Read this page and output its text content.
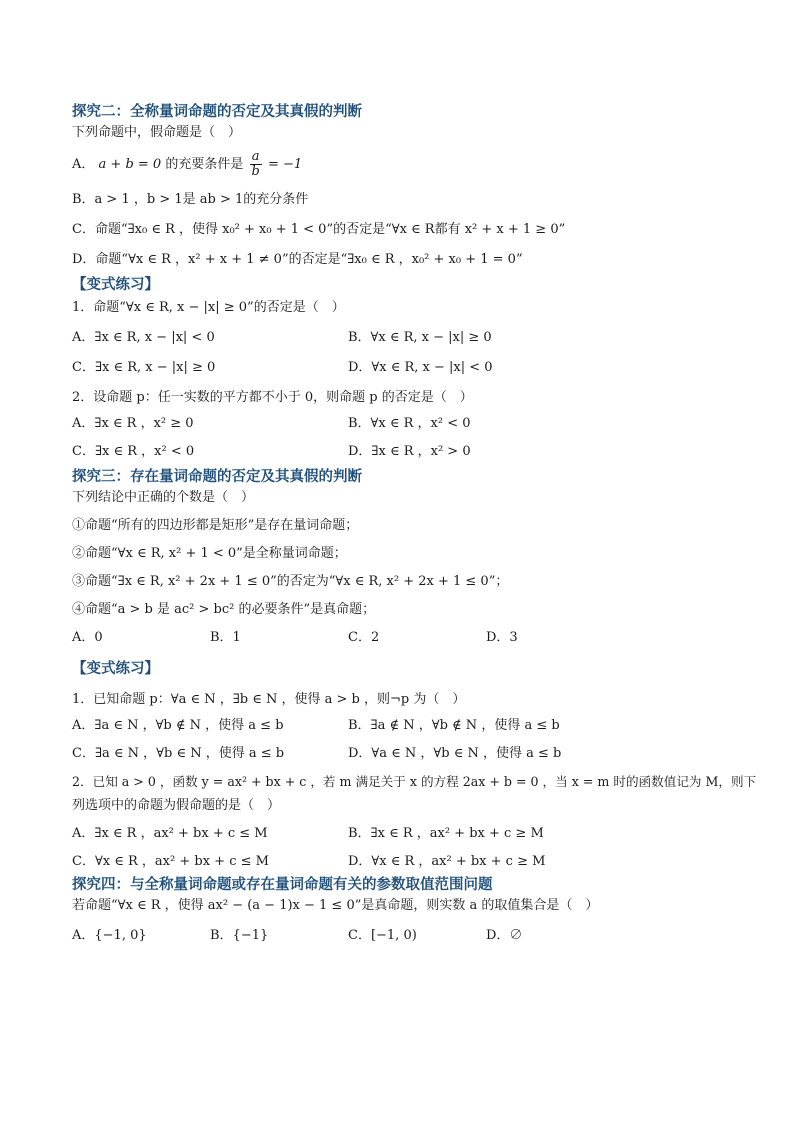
探究二：全称量词命题的否定及其真假的判断
下列命题中，假命题是（　）
A． a + b = 0 的充要条件是 $\frac{a}{b} = -1$
B．a > 1 ，b > 1是 ab > 1的充分条件
C．命题“∃x₀ ∈ R ，使得 x₀² + x₀ + 1 < 0”的否定是“∀x ∈ R都有 x² + x + 1 ≥ 0”
D．命题“∀x ∈ R ，x² + x + 1 ≠ 0”的否定是“∃x₀ ∈ R ，x₀² + x₀ + 1 = 0”
【变式练习】
1．命题“∀x ∈ R, x − |x| ≥ 0”的否定是（　）
A．∃x ∈ R, x − |x| < 0	B．∀x ∈ R, x − |x| ≥ 0
C．∃x ∈ R, x − |x| ≥ 0	D．∀x ∈ R, x − |x| < 0
2．设命题 p：任一实数的平方都不小于 0，则命题 p 的否定是（　）
A．∃x ∈ R ，x² ≥ 0	B．∀x ∈ R ，x² < 0
C．∃x ∈ R ，x² < 0	D．∃x ∈ R ，x² > 0
探究三：存在量词命题的否定及其真假的判断
下列结论中正确的个数是（　）
①命题“所有的四边形都是矩形”是存在量词命题；
②命题“∀x ∈ R, x² + 1 < 0”是全称量词命题；
③命题“∃x ∈ R, x² + 2x + 1 ≤ 0”的否定为“∀x ∈ R, x² + 2x + 1 ≤ 0”；
④命题“a > b 是 ac² > bc² 的必要条件”是真命题；
A．0	B．1	C．2	D．3
【变式练习】
1．已知命题 p：∀a ∈ N ，∃b ∈ N ，使得 a > b ，则¬p 为（　）
A．∃a ∈ N ，∀b ∉ N ，使得 a ≤ b	B．∃a ∉ N ，∀b ∉ N ，使得 a ≤ b
C．∃a ∈ N ，∀b ∈ N ，使得 a ≤ b	D．∀a ∈ N ，∀b ∈ N ，使得 a ≤ b
2．已知 a > 0 ，函数 y = ax² + bx + c ，若 m 满足关于 x 的方程 2ax + b = 0 ，当 x = m 时的函数值记为 M，则下
列选项中的命题为假命题的是（　）
A．∃x ∈ R ，ax² + bx + c ≤ M	B．∃x ∈ R ，ax² + bx + c ≥ M
C．∀x ∈ R ，ax² + bx + c ≤ M	D．∀x ∈ R ，ax² + bx + c ≥ M
探究四：与全称量词命题或存在量词命题有关的参数取值范围问题
若命题“∀x ∈ R ，使得 ax² − (a − 1)x − 1 ≤ 0”是真命题，则实数 a 的取值集合是（　）
A．{−1, 0}	B．{−1}	C．[−1, 0)	D．∅
